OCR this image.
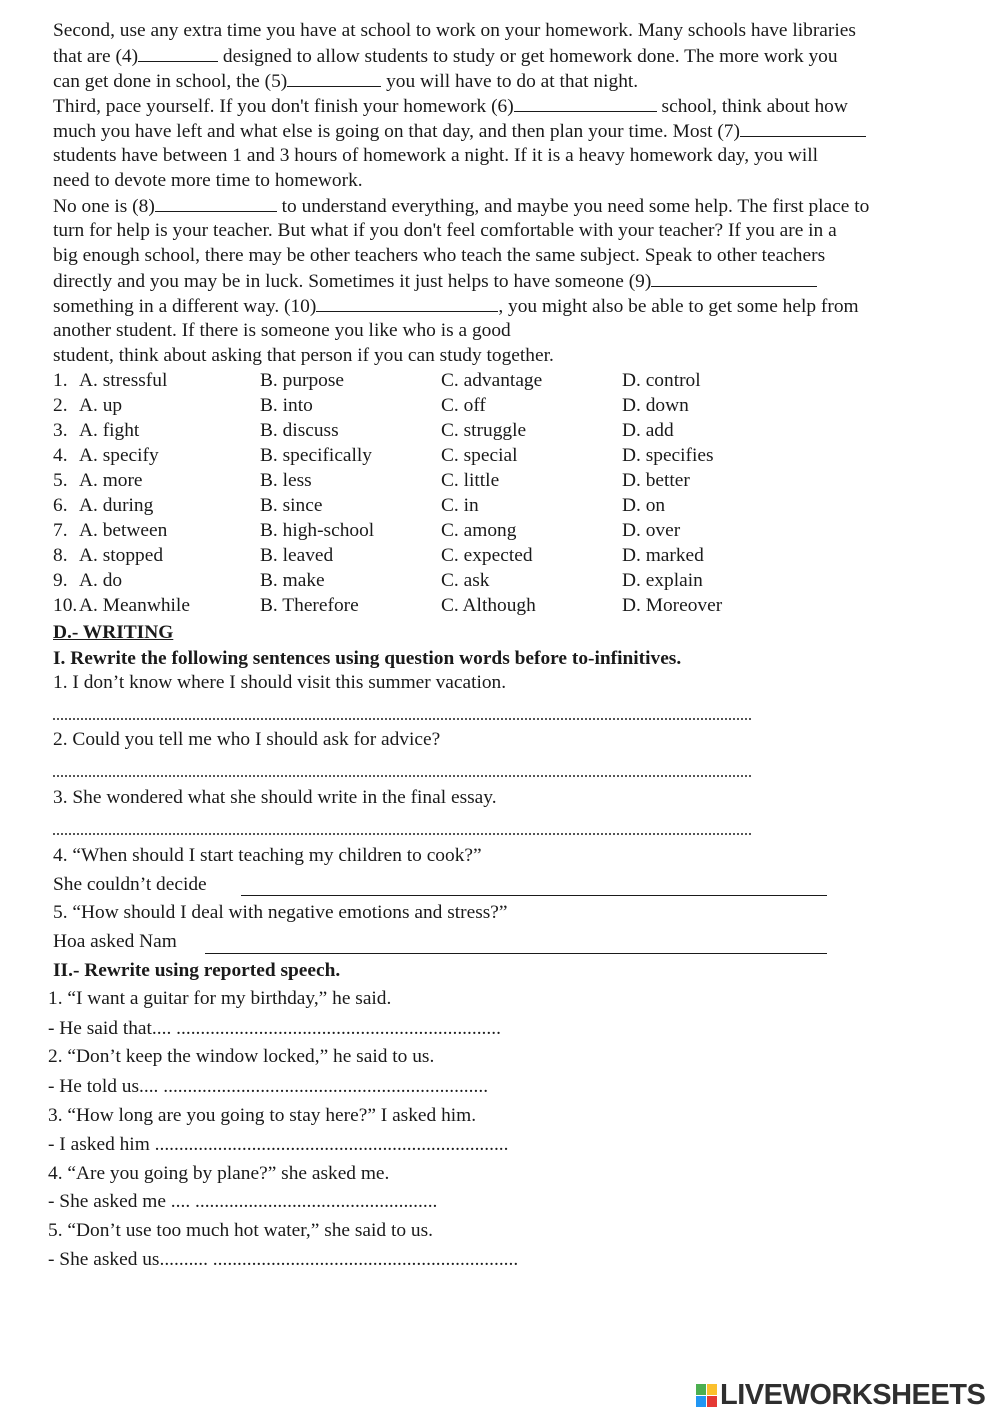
Second, use any extra time you have at school to work on your homework. Many schools have libraries
that are (4)	designed to allow students to study or get homework done. The more work you
can get done in school, the (5)	you will have to do at that night.
Third, pace yourself. If you don't finish your homework (6)	school, think about how
much you have left and what else is going on that day, and then plan your time. Most (7)
students have between 1 and 3 hours of homework a night. If it is a heavy homework day, you will
need to devote more time to homework.
No one is (8)	to understand everything, and maybe you need some help. The first place to
turn for help is your teacher. But what if you don't feel comfortable with your teacher? If you are in a
big enough school, there may be other teachers who teach the same subject. Speak to other teachers
directly and you may be in luck. Sometimes it just helps to have someone (9)
something in a different way. (10)	, you might also be able to get some help from
another student. If there is someone you like who is a good
student, think about asking that person if you can study together.
1. A. stressful	B. purpose	C. advantage	D. control
2. A. up	B. into	C. off	D. down
3. A. fight	B. discuss	C. struggle	D. add
4. A. specify	B. specifically	C. special	D. specifies
5. A. more	B. less	C. little	D. better
6. A. during	B. since	C. in	D. on
7. A. between	B. high-school	C. among	D. over
8. A. stopped	B. leaved	C. expected	D. marked
9. A. do	B. make	C. ask	D. explain
10. A. Meanwhile	B. Therefore	C. Although	D. Moreover
D.- WRITING
I. Rewrite the following sentences using question words before to-infinitives.
1. I don’t know where I should visit this summer vacation.
2. Could you tell me who I should ask for advice?
3. She wondered what she should write in the final essay.
4. “When should I start teaching my children to cook?”
She couldn’t decide
5. “How should I deal with negative emotions and stress?”
Hoa asked Nam
II.- Rewrite using reported speech.
1. “I want a guitar for my birthday,” he said.
- He said that.... ...................................................................
2. “Don’t keep the window locked,” he said to us.
- He told us.... ...................................................................
3. “How long are you going to stay here?” I asked him.
- I asked him .........................................................................
4. “Are you going by plane?” she asked me.
- She asked me .... ..................................................
5. “Don’t use too much hot water,” she said to us.
- She asked us.......... ...............................................................
LIVEWORKSHEETS
